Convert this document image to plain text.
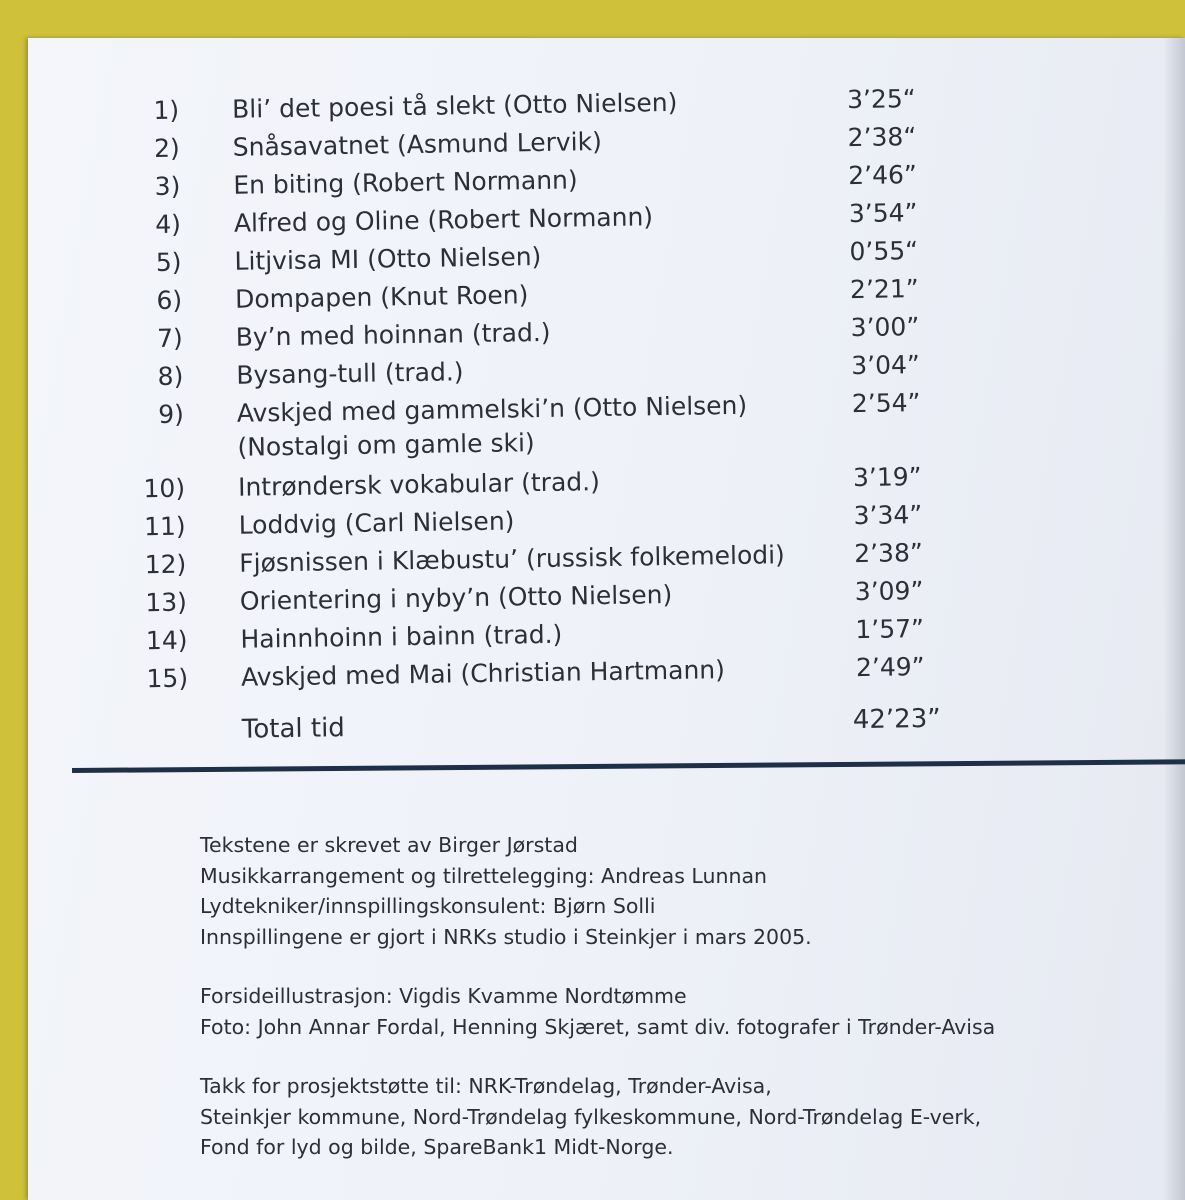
1) Bli’ det poesi tå slekt (Otto Nielsen)	3’25“
2) Snåsavatnet (Asmund Lervik)	2’38“
3) En biting (Robert Normann)	2’46”
4) Alfred og Oline (Robert Normann)	3’54”
5) Litjvisa MI (Otto Nielsen)	0’55“
6) Dompapen (Knut Roen)	2’21”
7) By’n med hoinnan (trad.)	3’00”
8) Bysang-tull (trad.)	3’04”
9) Avskjed med gammelski’n (Otto Nielsen)	2’54”
(Nostalgi om gamle ski)
10) Intrøndersk vokabular (trad.)	3’19”
11) Loddvig (Carl Nielsen)	3’34”
12) Fjøsnissen i Klæbustu’ (russisk folkemelodi)	2’38”
13) Orientering i nyby’n (Otto Nielsen)	3’09”
14) Hainnhoinn i bainn (trad.)	1’57”
15) Avskjed med Mai (Christian Hartmann)	2’49”
Total tid	42’23”

Tekstene er skrevet av Birger Jørstad

Musikkarrangement og tilrettelegging: Andreas Lunnan

Lydtekniker/innspillingskonsulent: Bjørn Solli

Innspillingene er gjort i NRKs studio i Steinkjer i mars 2005.

Forsideillustrasjon: Vigdis Kvamme Nordtømme

Foto: John Annar Fordal, Henning Skjæret, samt div. fotografer i Trønder-Avisa

Takk for prosjektstøtte til: NRK-Trøndelag, Trønder-Avisa,

Steinkjer kommune, Nord-Trøndelag fylkeskommune, Nord-Trøndelag E-verk,

Fond for lyd og bilde, SpareBank1 Midt-Norge.
